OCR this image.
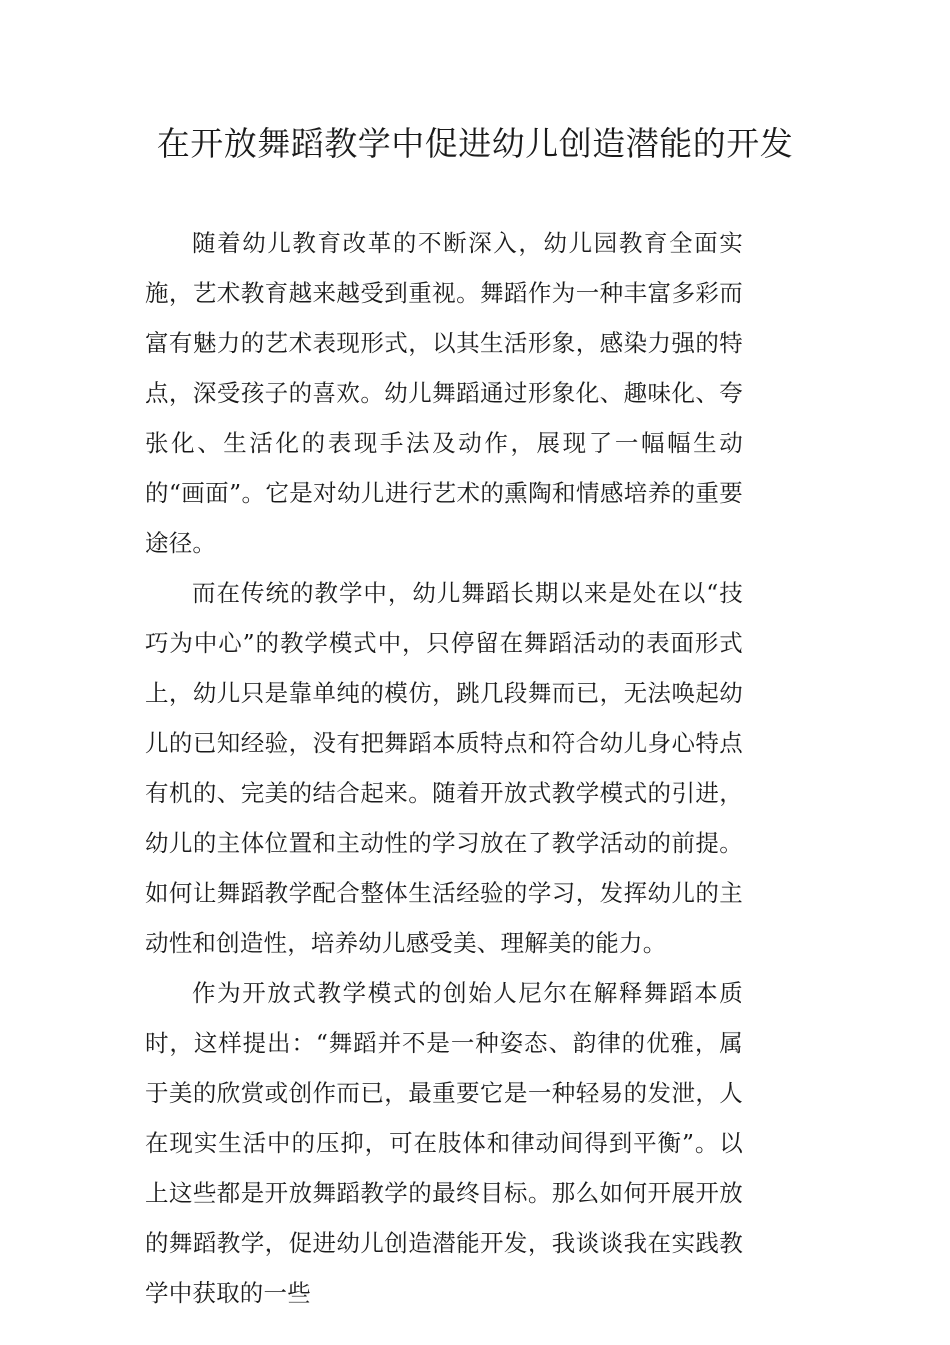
在开放舞蹈教学中促进幼儿创造潜能的开发

随着幼儿教育改革的不断深入，幼儿园教育全面实施，艺术教育越来越受到重视。舞蹈作为一种丰富多彩而富有魅力的艺术表现形式，以其生活形象，感染力强的特点，深受孩子的喜欢。幼儿舞蹈通过形象化、趣味化、夸张化、生活化的表现手法及动作，展现了一幅幅生动的“画面”。它是对幼儿进行艺术的熏陶和情感培养的重要途径。

而在传统的教学中，幼儿舞蹈长期以来是处在以“技巧为中心”的教学模式中，只停留在舞蹈活动的表面形式上，幼儿只是靠单纯的模仿，跳几段舞而已，无法唤起幼儿的已知经验，没有把舞蹈本质特点和符合幼儿身心特点有机的、完美的结合起来。随着开放式教学模式的引进，幼儿的主体位置和主动性的学习放在了教学活动的前提。如何让舞蹈教学配合整体生活经验的学习，发挥幼儿的主动性和创造性，培养幼儿感受美、理解美的能力。

作为开放式教学模式的创始人尼尔在解释舞蹈本质时，这样提出：“舞蹈并不是一种姿态、韵律的优雅，属于美的欣赏或创作而已，最重要它是一种轻易的发泄，人在现实生活中的压抑，可在肢体和律动间得到平衡”。以上这些都是开放舞蹈教学的最终目标。那么如何开展开放的舞蹈教学，促进幼儿创造潜能开发，我谈谈我在实践教学中获取的一些
